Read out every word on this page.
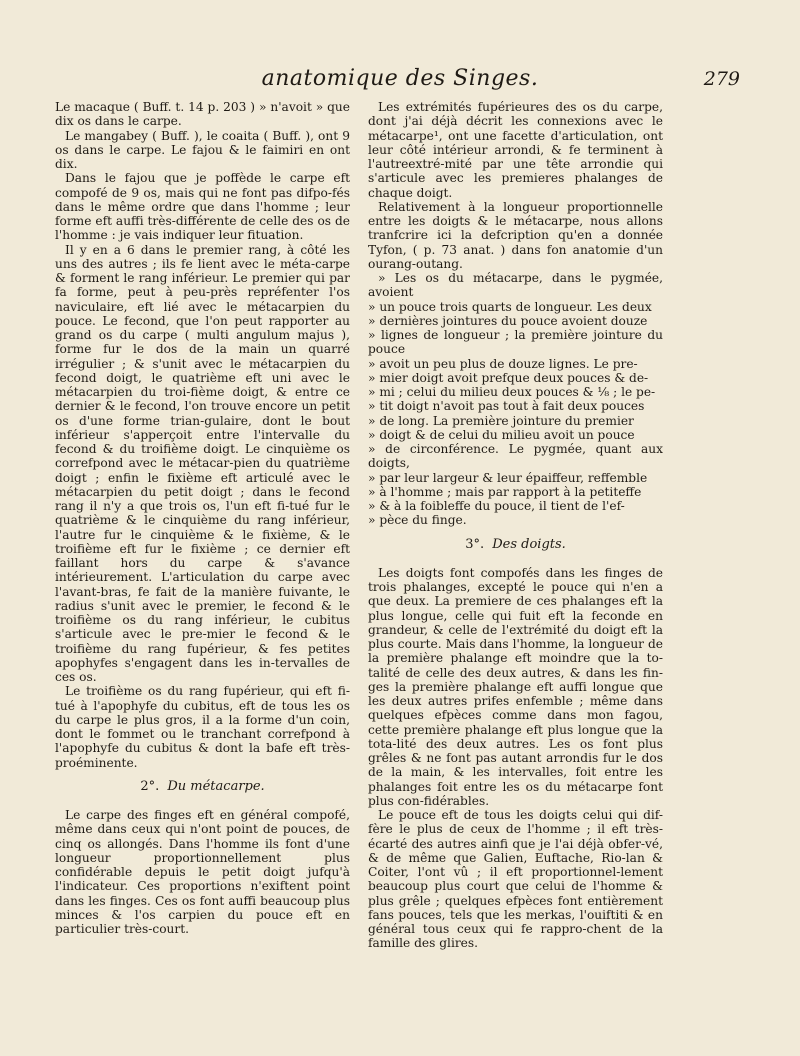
anatomique des Singes.	279

Le macaque ( Buff. t. 14 p. 203 ) » n'avoit » que dix os dans le carpe.

Le mangabey ( Buff. ), le coaita ( Buff. ), ont 9 os dans le carpe. Le fajou & le faimiri en ont dix.

Dans le fajou que je poffède le carpe eft compofé de 9 os, mais qui ne font pas difpo-fés dans le même ordre que dans l'homme ; leur forme eft auffi très-différente de celle des os de l'homme : je vais indiquer leur fituation.

Il y en a 6 dans le premier rang, à côté les uns des autres ; ils fe lient avec le méta-carpe & forment le rang inférieur. Le premier qui par fa forme, peut à peu-près repréfenter l'os naviculaire, eft lié avec le métacarpien du pouce. Le fecond, que l'on peut rapporter au grand os du carpe ( multi angulum majus ), forme fur le dos de la main un quarré irrégulier ; & s'unit avec le métacarpien du fecond doigt, le quatrième eft uni avec le métacarpien du troi-fième doigt, & entre ce dernier & le fecond, l'on trouve encore un petit os d'une forme trian-gulaire, dont le bout inférieur s'apperçoit entre l'intervalle du fecond & du troifième doigt. Le cinquième os correfpond avec le métacar-pien du quatrième doigt ; enfin le fixième eft articulé avec le métacarpien du petit doigt ; dans le fecond rang il n'y a que trois os, l'un eft fi-tué fur le quatrième & le cinquième du rang inférieur, l'autre fur le cinquième & le fixième, & le troifième eft fur le fixième ; ce dernier eft faillant hors du carpe & s'avance intérieurement. L'articulation du carpe avec l'avant-bras, fe fait de la manière fuivante, le radius s'unit avec le premier, le fecond & le troifième os du rang inférieur, le cubitus s'articule avec le pre-mier le fecond & le troifième du rang fupérieur, & fes petites apophyfes s'engagent dans les in-tervalles de ces os.

Le troifième os du rang fupérieur, qui eft fi-tué à l'apophyfe du cubitus, eft de tous les os du carpe le plus gros, il a la forme d'un coin, dont le fommet ou le tranchant correfpond à l'apophyfe du cubitus & dont la bafe eft très-proéminente.

2°. Du métacarpe.

Le carpe des finges eft en général compofé, même dans ceux qui n'ont point de pouces, de cinq os allongés. Dans l'homme ils font d'une longueur proportionnellement plus confidérable depuis le petit doigt jufqu'à l'indicateur. Ces proportions n'exiftent point dans les finges. Ces os font auffi beaucoup plus minces & l'os carpien du pouce eft en particulier très-court.

Les extrémités fupérieures des os du carpe, dont j'ai déjà décrit les connexions avec le métacarpe¹, ont une facette d'articulation, ont leur côté intérieur arrondi, & fe terminent à l'autreextré-mité par une tête arrondie qui s'articule avec les premieres phalanges de chaque doigt.

Relativement à la longueur proportionnelle entre les doigts & le métacarpe, nous allons tranfcrire ici la defcription qu'en a donnée Tyfon, ( p. 73 anat. ) dans fon anatomie d'un ourang-outang.

» Les os du métacarpe, dans le pygmée, avoient

» un pouce trois quarts de longueur. Les deux

» dernières jointures du pouce avoient douze

» lignes de longueur ; la première jointure du pouce

» avoit un peu plus de douze lignes. Le pre-

» mier doigt avoit prefque deux pouces & de-

» mi ; celui du milieu deux pouces & ⅛ ; le pe-

» tit doigt n'avoit pas tout à fait deux pouces

» de long. La première jointure du premier

» doigt & de celui du milieu avoit un pouce

» de circonférence. Le pygmée, quant aux doigts,

» par leur largeur & leur épaiffeur, reffemble

» à l'homme ; mais par rapport à la petiteffe

» & à la foibleffe du pouce, il tient de l'ef-

» pèce du finge.

3°. Des doigts.

Les doigts font compofés dans les finges de trois phalanges, excepté le pouce qui n'en a que deux. La premiere de ces phalanges eft la plus longue, celle qui fuit eft la feconde en grandeur, & celle de l'extrémité du doigt eft la plus courte. Mais dans l'homme, la longueur de la première phalange eft moindre que la to-talité de celle des deux autres, & dans les fin-ges la première phalange eft auffi longue que les deux autres prifes enfemble ; même dans quelques efpèces comme dans mon fagou, cette première phalange eft plus longue que la tota-lité des deux autres. Les os font plus grêles & ne font pas autant arrondis fur le dos de la main, & les intervalles, foit entre les phalanges foit entre les os du métacarpe font plus con-fidérables.

Le pouce eft de tous les doigts celui qui dif-fère le plus de ceux de l'homme ; il eft très-écarté des autres ainfi que je l'ai déjà obfer-vé, & de même que Galien, Euftache, Rio-lan & Coiter, l'ont vû ; il eft proportionnel-lement beaucoup plus court que celui de l'homme & plus grêle ; quelques efpèces font entièrement fans pouces, tels que les merkas, l'ouiftiti & en général tous ceux qui fe rappro-chent de la famille des glires.
